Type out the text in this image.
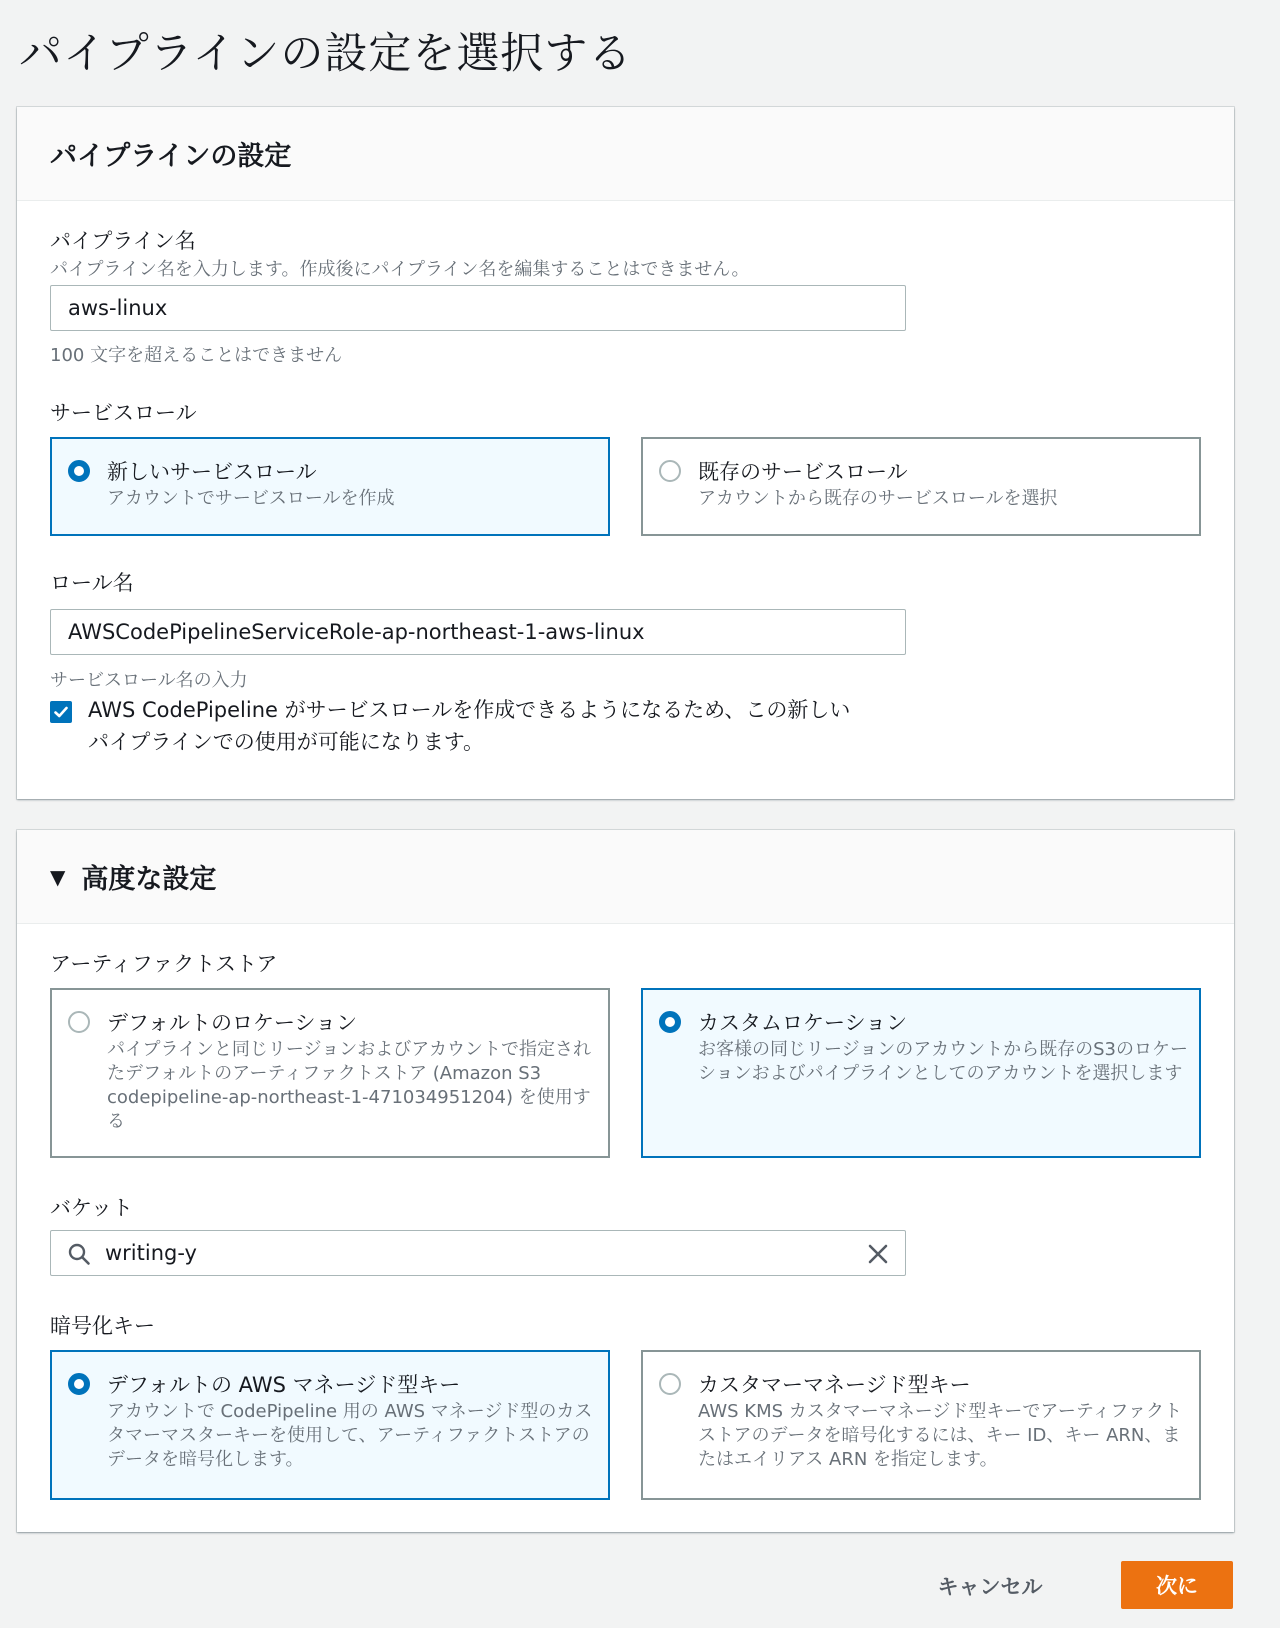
パイプラインの設定を選択する
パイプラインの設定
パイプライン名
パイプライン名を入力します。作成後にパイプライン名を編集することはできません。
aws-linux
100 文字を超えることはできません
サービスロール
新しいサービスロール
アカウントでサービスロールを作成
既存のサービスロール
アカウントから既存のサービスロールを選択
ロール名
AWSCodePipelineServiceRole-ap-northeast-1-aws-linux
サービスロール名の入力
AWS CodePipeline がサービスロールを作成できるようになるため、この新しい
パイプラインでの使用が可能になります。
▼ 高度な設定
アーティファクトストア
デフォルトのロケーション
パイプラインと同じリージョンおよびアカウントで指定されたデフォルトのアーティファクトストア (Amazon S3 codepipeline-ap-northeast-1-471034951204) を使用する
カスタムロケーション
お客様の同じリージョンのアカウントから既存のS3のロケーションおよびパイプラインとしてのアカウントを選択します
バケット
writing-y
暗号化キー
デフォルトの AWS マネージド型キー
アカウントで CodePipeline 用の AWS マネージド型のカスタマーマスターキーを使用して、アーティファクトストアのデータを暗号化します。
カスタマーマネージド型キー
AWS KMS カスタマーマネージド型キーでアーティファクトストアのデータを暗号化するには、キー ID、キー ARN、またはエイリアス ARN を指定します。
キャンセル	次に
